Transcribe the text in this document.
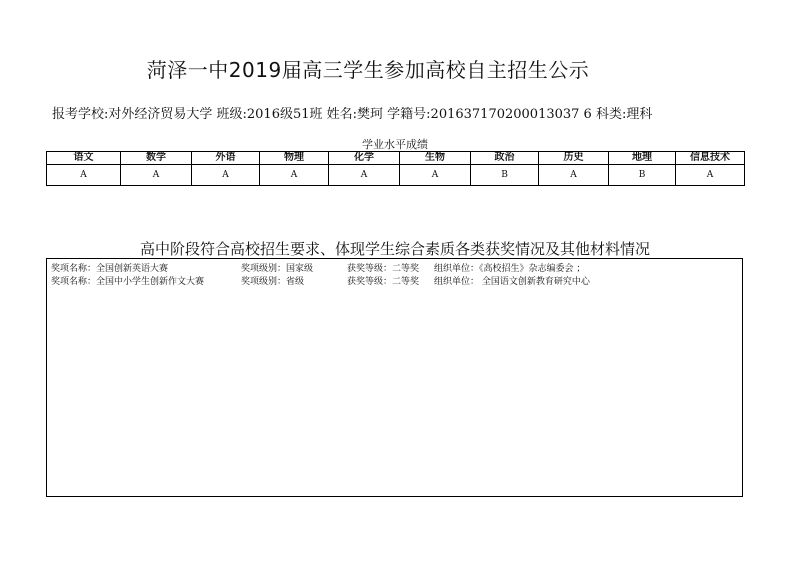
菏泽一中2019届高三学生参加高校自主招生公示
报考学校:对外经济贸易大学 班级:2016级51班 姓名:樊珂 学籍号:201637170200013037 6 科类:理科
学业水平成绩
语文	数学	外语	物理	化学	生物	政治	历史	地理	信息技术
A	A	A	A	A	A	B	A	B	A
高中阶段符合高校招生要求、体现学生综合素质各类获奖情况及其他材料情况
奖项名称：全国创新英语大赛	奖项级别：国家级	获奖等级：二等奖 组织单位：《高校招生》杂志编委会 ；
奖项名称：全国中小学生创新作文大赛	奖项级别：省级	获奖等级：二等奖 组织单位： 全国语文创新教育研究中心
